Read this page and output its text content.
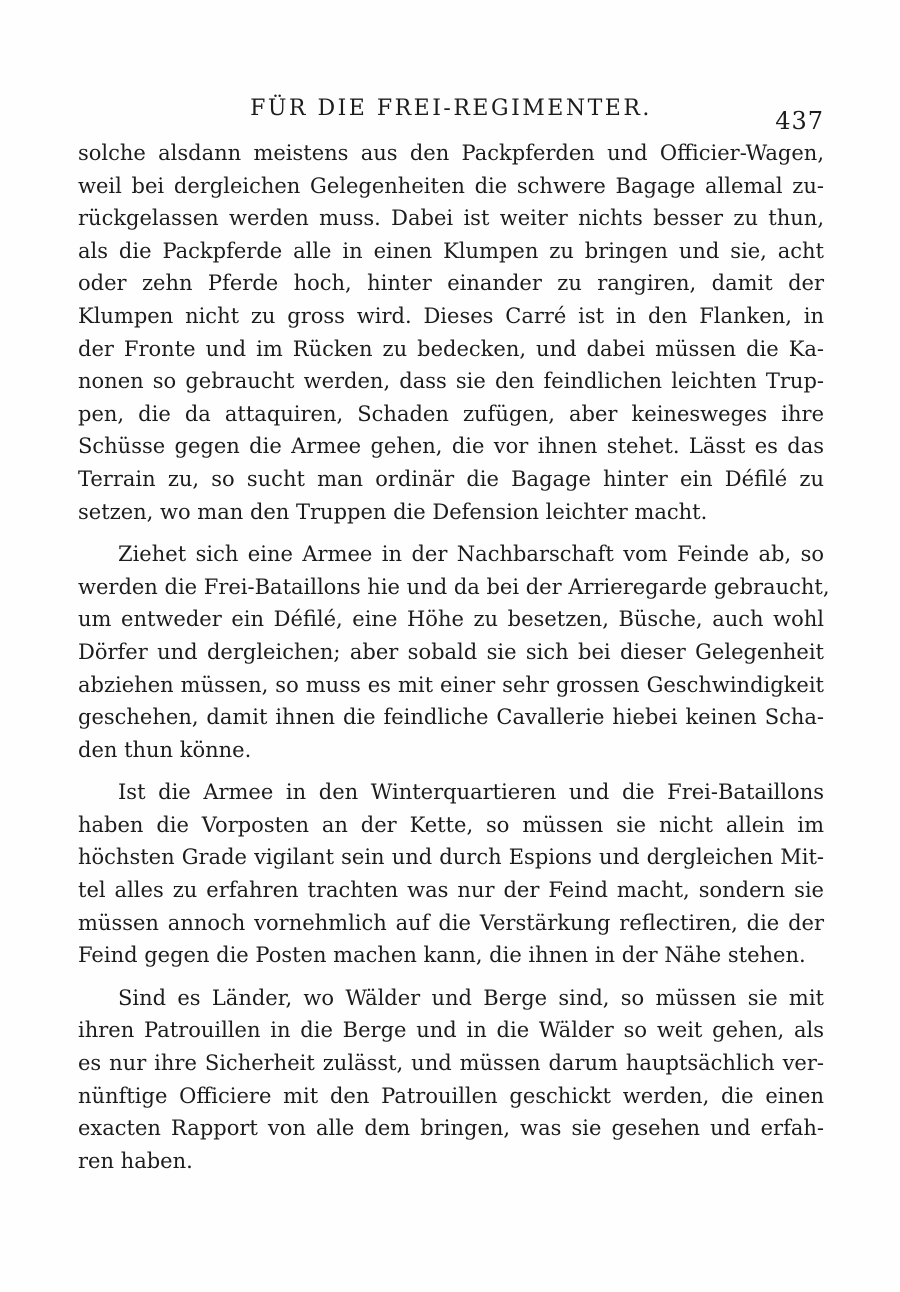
FÜR DIE FREI-REGIMENTER.	437
solche alsdann meistens aus den Packpferden und Officier-Wagen,
weil bei dergleichen Gelegenheiten die schwere Bagage allemal zu-
rückgelassen werden muss. Dabei ist weiter nichts besser zu thun,
als die Packpferde alle in einen Klumpen zu bringen und sie, acht
oder zehn Pferde hoch, hinter einander zu rangiren, damit der
Klumpen nicht zu gross wird. Dieses Carré ist in den Flanken, in
der Fronte und im Rücken zu bedecken, und dabei müssen die Ka-
nonen so gebraucht werden, dass sie den feindlichen leichten Trup-
pen, die da attaquiren, Schaden zufügen, aber keinesweges ihre
Schüsse gegen die Armee gehen, die vor ihnen stehet. Lässt es das
Terrain zu, so sucht man ordinär die Bagage hinter ein Défilé zu
setzen, wo man den Truppen die Defension leichter macht.
Ziehet sich eine Armee in der Nachbarschaft vom Feinde ab, so
werden die Frei-Bataillons hie und da bei der Arrieregarde gebraucht,
um entweder ein Défilé, eine Höhe zu besetzen, Büsche, auch wohl
Dörfer und dergleichen; aber sobald sie sich bei dieser Gelegenheit
abziehen müssen, so muss es mit einer sehr grossen Geschwindigkeit
geschehen, damit ihnen die feindliche Cavallerie hiebei keinen Scha-
den thun könne.
Ist die Armee in den Winterquartieren und die Frei-Bataillons
haben die Vorposten an der Kette, so müssen sie nicht allein im
höchsten Grade vigilant sein und durch Espions und dergleichen Mit-
tel alles zu erfahren trachten was nur der Feind macht, sondern sie
müssen annoch vornehmlich auf die Verstärkung reflectiren, die der
Feind gegen die Posten machen kann, die ihnen in der Nähe stehen.
Sind es Länder, wo Wälder und Berge sind, so müssen sie mit
ihren Patrouillen in die Berge und in die Wälder so weit gehen, als
es nur ihre Sicherheit zulässt, und müssen darum hauptsächlich ver-
nünftige Officiere mit den Patrouillen geschickt werden, die einen
exacten Rapport von alle dem bringen, was sie gesehen und erfah-
ren haben.
